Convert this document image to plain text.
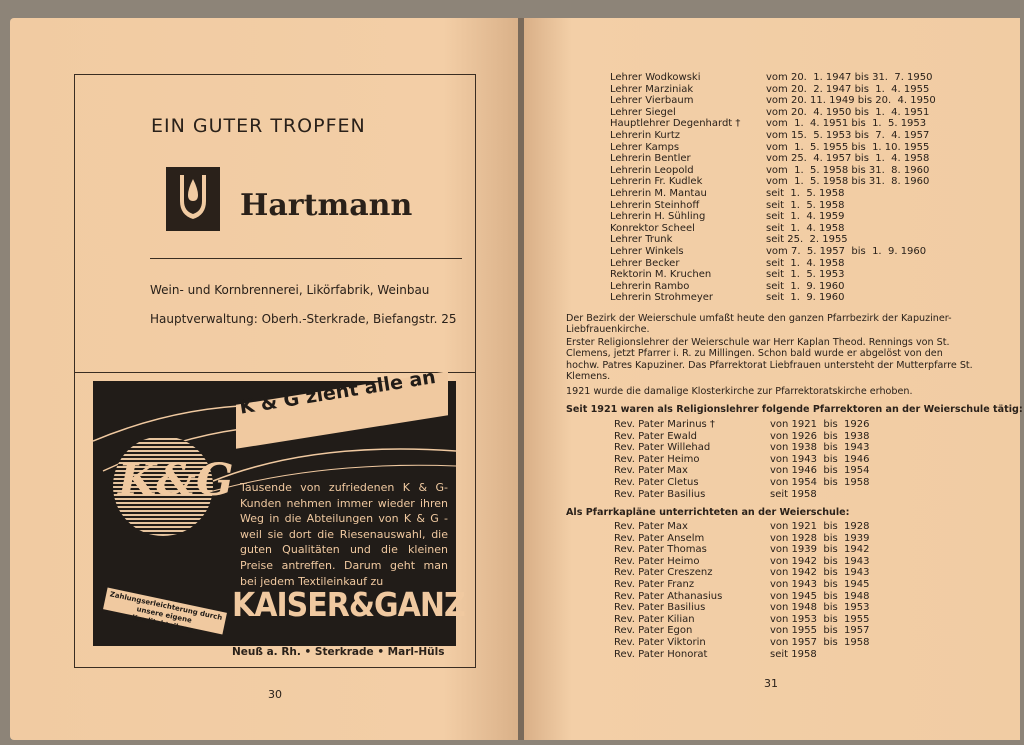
EIN GUTER TROPFEN
Hartmann
Wein- und Kornbrennerei, Likörfabrik, Weinbau
Hauptverwaltung: Oberh.-Sterkrade, Biefangstr. 25
K & G zieht alle an
K&G Tausende von zufriedenen K & G-Kunden nehmen immer wieder ihren Weg in die Abteilungen von K & G - weil sie dort die Riesenauswahl, die guten Qualitäten und die kleinen Preise antreffen. Darum geht man bei jedem Textileinkauf zu
Zahlungserleichterung durch unsere eigene Kreditabteilung	KAISER&GANZ
Neuß a. Rh. • Sterkrade • Marl-Hüls
30
Lehrer Wodkowski	vom 20.  1. 1947 bis 31.  7. 1950
Lehrer Marziniak	vom 20.  2. 1947 bis  1.  4. 1955
Lehrer Vierbaum	vom 20. 11. 1949 bis 20.  4. 1950
Lehrer Siegel	vom 20.  4. 1950 bis  1.  4. 1951
Hauptlehrer Degenhardt †	vom  1.  4. 1951 bis  1.  5. 1953
Lehrerin Kurtz	vom 15.  5. 1953 bis  7.  4. 1957
Lehrer Kamps	vom  1.  5. 1955 bis  1. 10. 1955
Lehrerin Bentler	vom 25.  4. 1957 bis  1.  4. 1958
Lehrerin Leopold	vom  1.  5. 1958 bis 31.  8. 1960
Lehrerin Fr. Kudlek	vom  1.  5. 1958 bis 31.  8. 1960
Lehrerin M. Mantau	seit  1.  5. 1958
Lehrerin Steinhoff	seit  1.  5. 1958
Lehrerin H. Sühling	seit  1.  4. 1959
Konrektor Scheel	seit  1.  4. 1958
Lehrer Trunk	seit 25.  2. 1955
Lehrer Winkels	vom 7.  5. 1957  bis  1.  9. 1960
Lehrer Becker	seit  1.  4. 1958
Rektorin M. Kruchen	seit  1.  5. 1953
Lehrerin Rambo	seit  1.  9. 1960
Lehrerin Strohmeyer	seit  1.  9. 1960
Der Bezirk der Weierschule umfaßt heute den ganzen Pfarrbezirk der Kapuziner-Liebfrauenkirche.
Erster Religionslehrer der Weierschule war Herr Kaplan Theod. Rennings von St. Clemens, jetzt Pfarrer i. R. zu Millingen. Schon bald wurde er abgelöst von den hochw. Patres Kapuziner. Das Pfarrektorat Liebfrauen untersteht der Mutterpfarre St. Klemens.
1921 wurde die damalige Klosterkirche zur Pfarrektoratskirche erhoben.
Seit 1921 waren als Religionslehrer folgende Pfarrektoren an der Weierschule tätig:
Rev. Pater Marinus †	von 1921  bis  1926
Rev. Pater Ewald	von 1926  bis  1938
Rev. Pater Willehad	von 1938  bis  1943
Rev. Pater Heimo	von 1943  bis  1946
Rev. Pater Max	von 1946  bis  1954
Rev. Pater Cletus	von 1954  bis  1958
Rev. Pater Basilius	seit 1958
Als Pfarrkapläne unterrichteten an der Weierschule:
Rev. Pater Max	von 1921  bis  1928
Rev. Pater Anselm	von 1928  bis  1939
Rev. Pater Thomas	von 1939  bis  1942
Rev. Pater Heimo	von 1942  bis  1943
Rev. Pater Creszenz	von 1942  bis  1943
Rev. Pater Franz	von 1943  bis  1945
Rev. Pater Athanasius	von 1945  bis  1948
Rev. Pater Basilius	von 1948  bis  1953
Rev. Pater Kilian	von 1953  bis  1955
Rev. Pater Egon	von 1955  bis  1957
Rev. Pater Viktorin	von 1957  bis  1958
Rev. Pater Honorat	seit 1958
31
